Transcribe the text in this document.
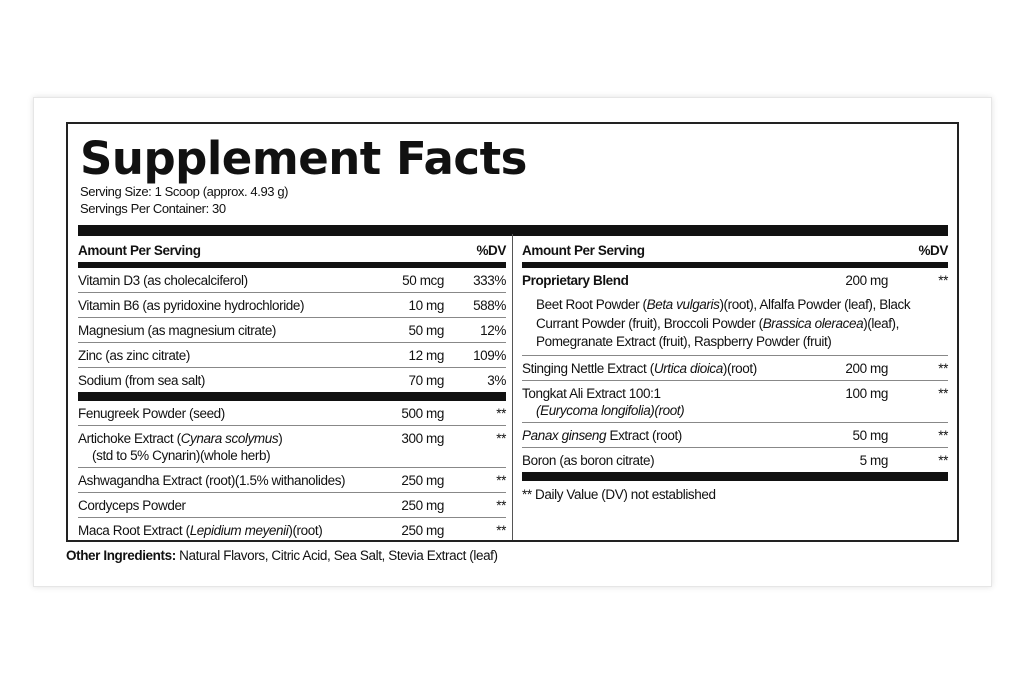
Supplement Facts
Serving Size: 1 Scoop (approx. 4.93 g)
Servings Per Container: 30
Amount Per Serving	%DV
Vitamin D3 (as cholecalciferol)	50 mcg	333%
Vitamin B6 (as pyridoxine hydrochloride)	10 mg	588%
Magnesium (as magnesium citrate)	50 mg	12%
Zinc (as zinc citrate)	12 mg	109%
Sodium (from sea salt)	70 mg	3%
Fenugreek Powder (seed)	500 mg	**
Artichoke Extract (Cynara scolymus)
(std to 5% Cynarin)(whole herb)
300 mg	**
Ashwagandha Extract (root)(1.5% withanolides)	250 mg	**
Cordyceps Powder	250 mg	**
Maca Root Extract (Lepidium meyenii)(root)	250 mg	**
Amount Per Serving	%DV
Proprietary Blend	200 mg	**
Beet Root Powder (Beta vulgaris)(root), Alfalfa Powder (leaf), Black Currant Powder (fruit), Broccoli Powder (Brassica oleracea)(leaf), Pomegranate Extract (fruit), Raspberry Powder (fruit)
Stinging Nettle Extract (Urtica dioica)(root)	200 mg	**
Tongkat Ali Extract 100:1
(Eurycoma longifolia)(root)
100 mg	**
Panax ginseng Extract (root)	50 mg	**
Boron (as boron citrate)	5 mg	**
** Daily Value (DV) not established
Other Ingredients: Natural Flavors, Citric Acid, Sea Salt, Stevia Extract (leaf)
